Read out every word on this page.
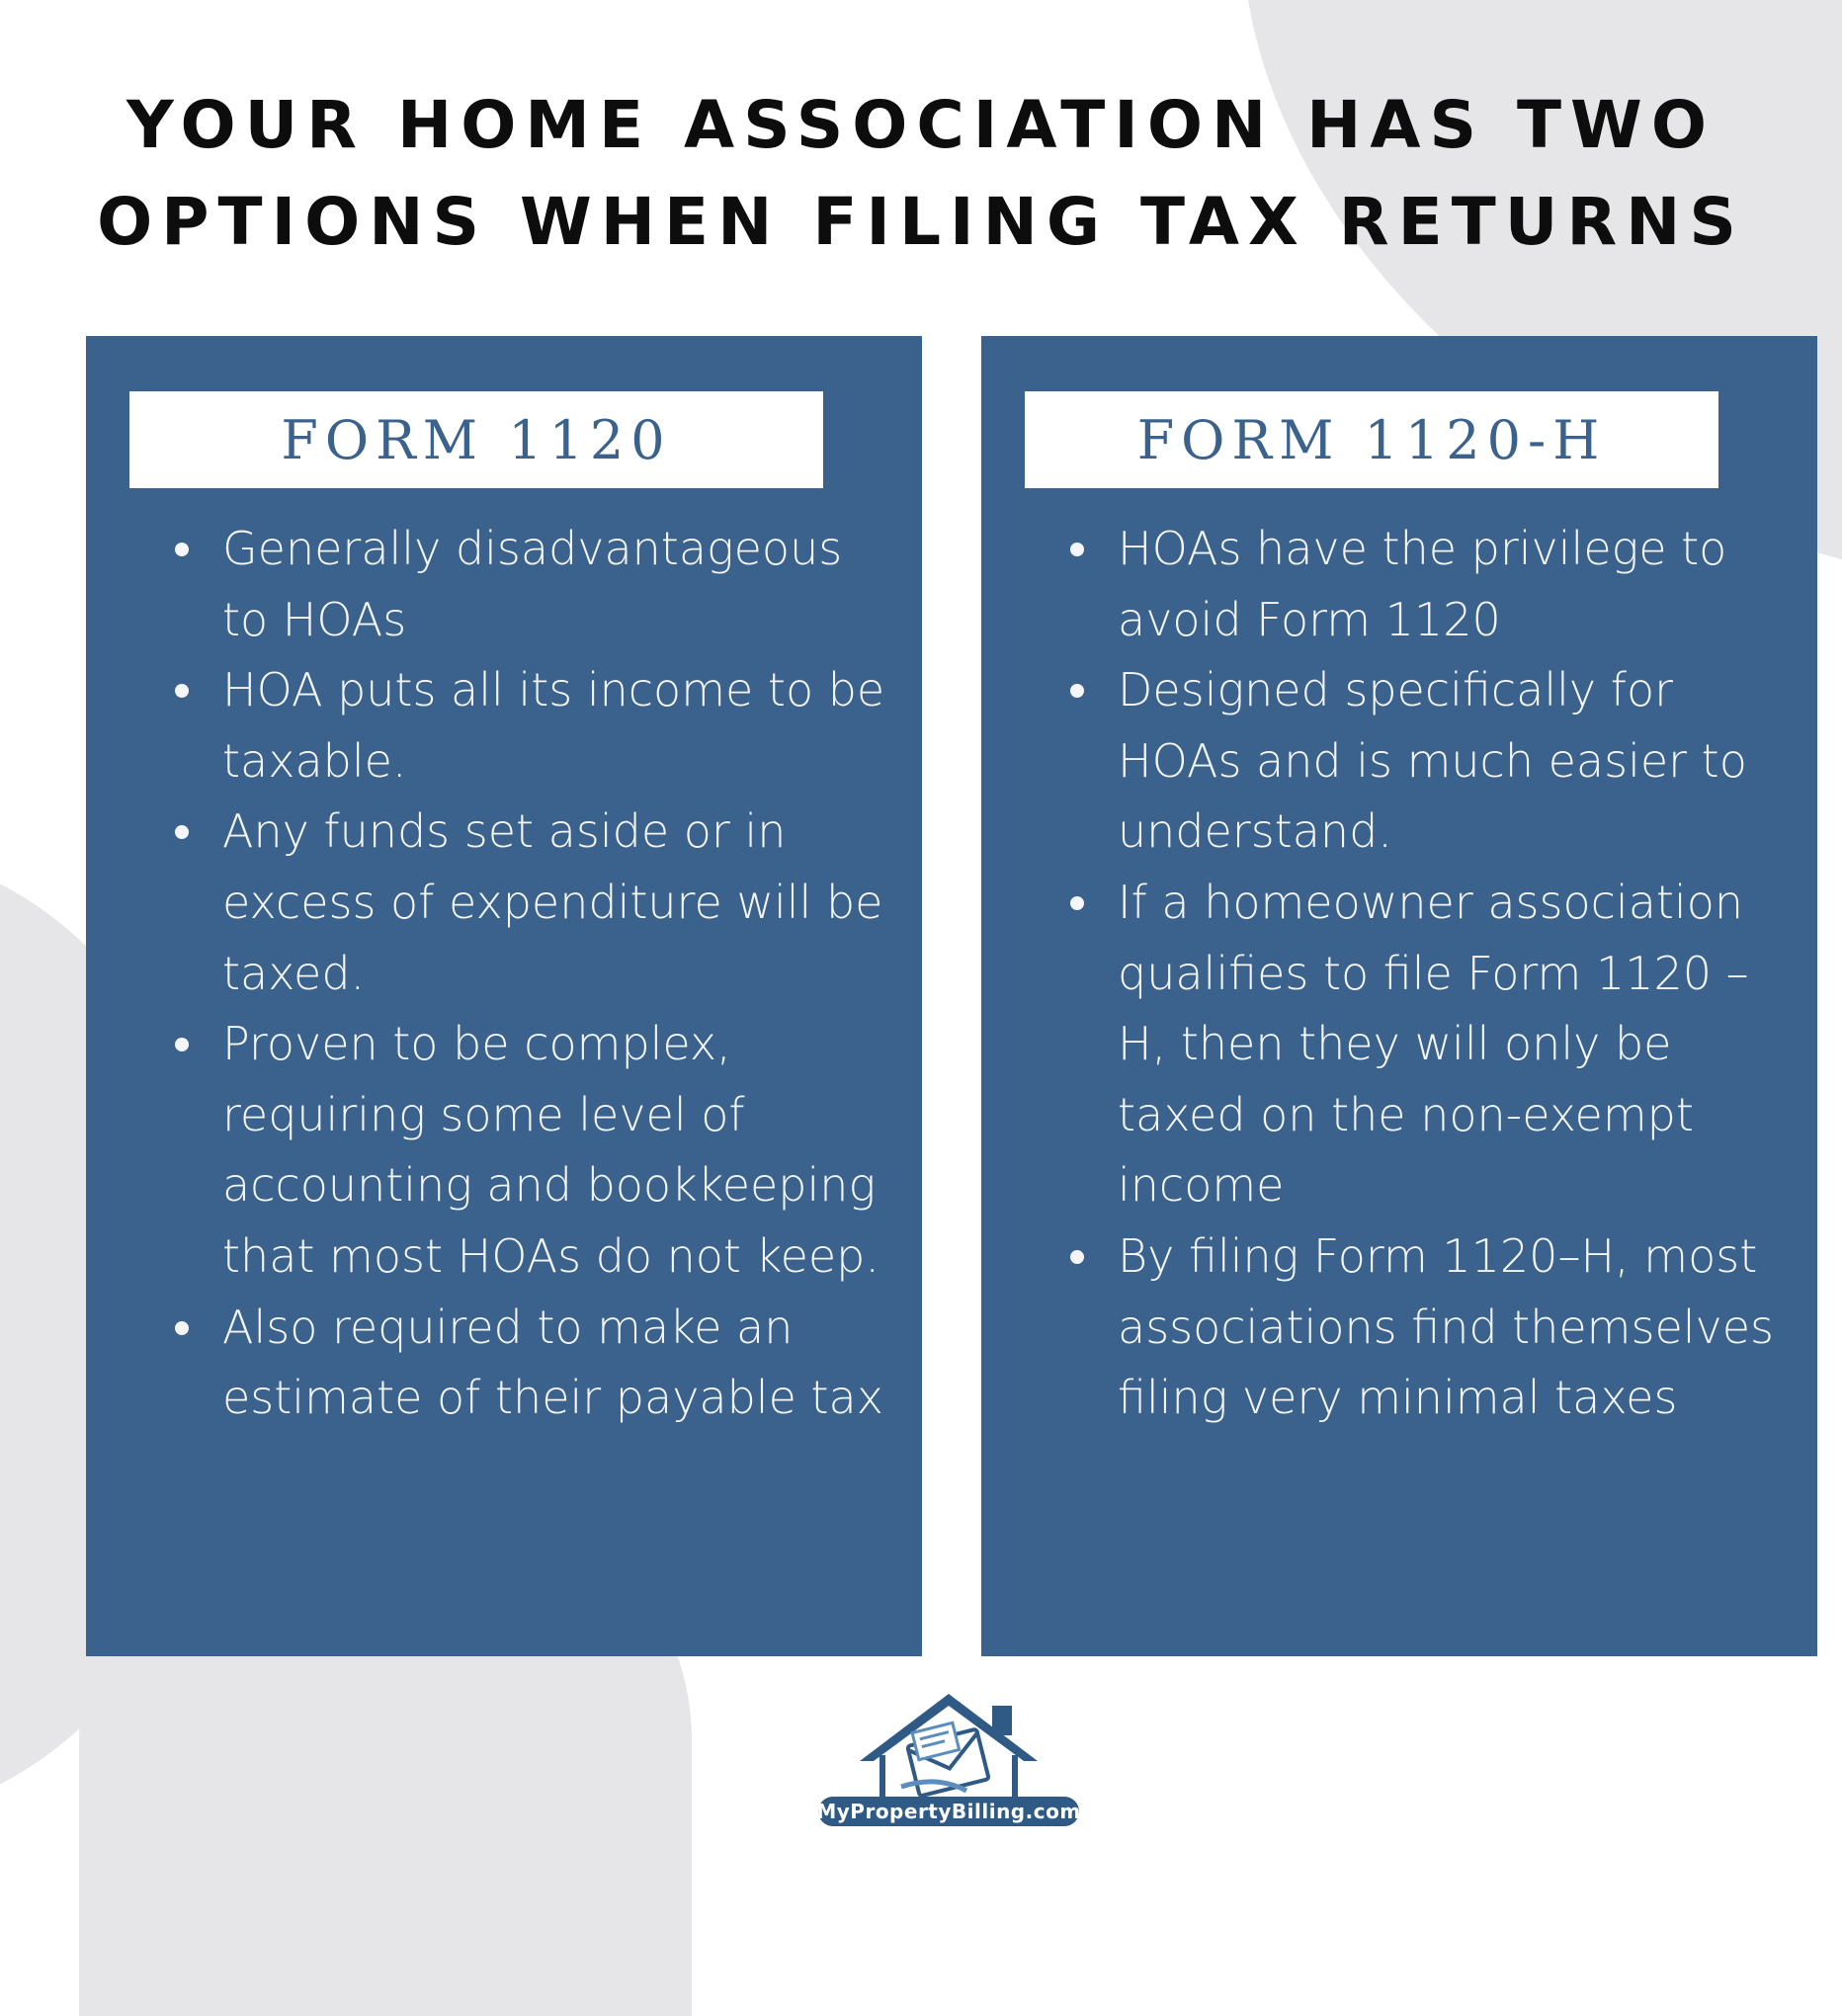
YOUR HOME ASSOCIATION HAS TWO
OPTIONS WHEN FILING TAX RETURNS
FORM 1120
Generally disadvantageous to HOAs
HOA puts all its income to be taxable.
Any funds set aside or in excess of expenditure will be taxed.
Proven to be complex, requiring some level of accounting and bookkeeping that most HOAs do not keep.
Also required to make an estimate of their payable tax
FORM 1120-H
HOAs have the privilege to avoid Form 1120
Designed specifically for HOAs and is much easier to understand.
If a homeowner association qualifies to file Form 1120 – H, then they will only be taxed on the non-exempt income
By filing Form 1120–H, most associations find themselves filing very minimal taxes
MyPropertyBilling.com
